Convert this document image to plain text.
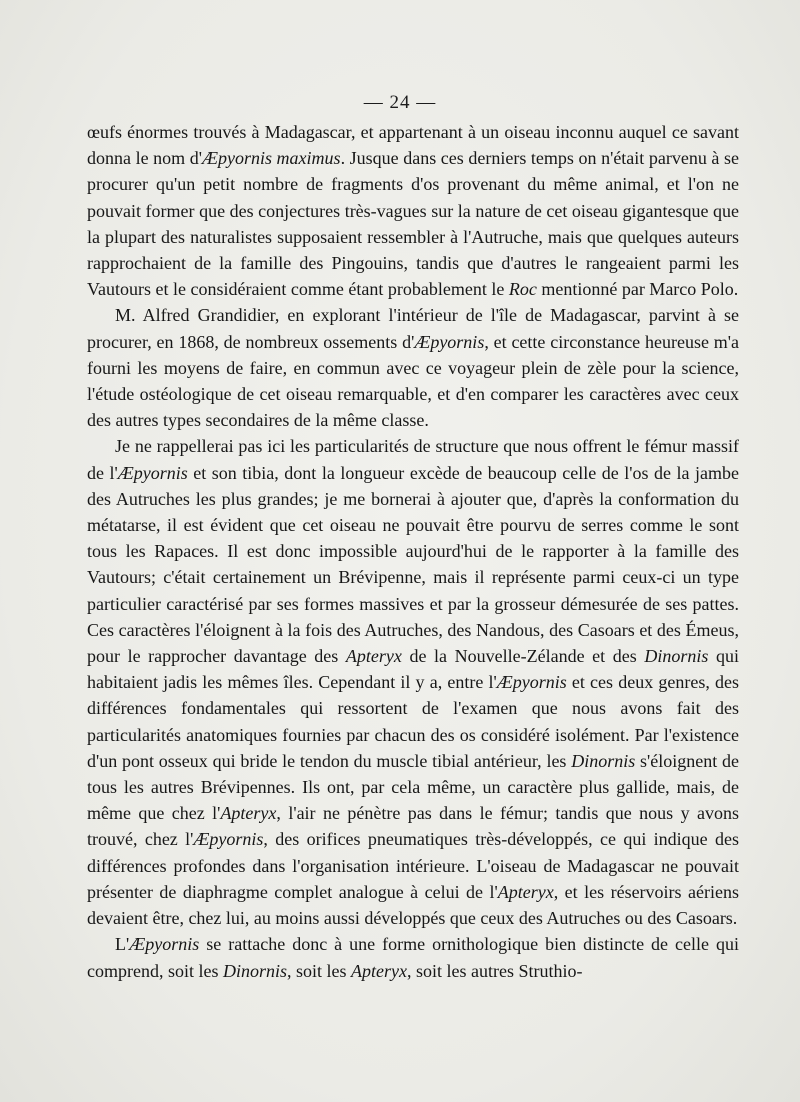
— 24 —

œufs énormes trouvés à Madagascar, et appartenant à un oiseau inconnu auquel ce savant donna le nom d'Æpyornis maximus. Jusque dans ces derniers temps on n'était parvenu à se procurer qu'un petit nombre de fragments d'os provenant du même animal, et l'on ne pouvait former que des conjectures très-vagues sur la nature de cet oiseau gigantesque que la plupart des naturalistes supposaient ressembler à l'Autruche, mais que quelques auteurs rapprochaient de la famille des Pingouins, tandis que d'autres le rangeaient parmi les Vautours et le considéraient comme étant probablement le Roc mentionné par Marco Polo.

M. Alfred Grandidier, en explorant l'intérieur de l'île de Madagascar, parvint à se procurer, en 1868, de nombreux ossements d'Æpyornis, et cette circonstance heureuse m'a fourni les moyens de faire, en commun avec ce voyageur plein de zèle pour la science, l'étude ostéologique de cet oiseau remarquable, et d'en comparer les caractères avec ceux des autres types secondaires de la même classe.

Je ne rappellerai pas ici les particularités de structure que nous offrent le fémur massif de l'Æpyornis et son tibia, dont la longueur excède de beaucoup celle de l'os de la jambe des Autruches les plus grandes; je me bornerai à ajouter que, d'après la conformation du métatarse, il est évident que cet oiseau ne pouvait être pourvu de serres comme le sont tous les Rapaces. Il est donc impossible aujourd'hui de le rapporter à la famille des Vautours; c'était certainement un Brévipenne, mais il représente parmi ceux-ci un type particulier caractérisé par ses formes massives et par la grosseur démesurée de ses pattes. Ces caractères l'éloignent à la fois des Autruches, des Nandous, des Casoars et des Émeus, pour le rapprocher davantage des Apteryx de la Nouvelle-Zélande et des Dinornis qui habitaient jadis les mêmes îles. Cependant il y a, entre l'Æpyornis et ces deux genres, des différences fondamentales qui ressortent de l'examen que nous avons fait des particularités anatomiques fournies par chacun des os considéré isolément. Par l'existence d'un pont osseux qui bride le tendon du muscle tibial antérieur, les Dinornis s'éloignent de tous les autres Brévipennes. Ils ont, par cela même, un caractère plus gallide, mais, de même que chez l'Apteryx, l'air ne pénètre pas dans le fémur; tandis que nous y avons trouvé, chez l'Æpyornis, des orifices pneumatiques très-développés, ce qui indique des différences profondes dans l'organisation intérieure. L'oiseau de Madagascar ne pouvait présenter de diaphragme complet analogue à celui de l'Apteryx, et les réservoirs aériens devaient être, chez lui, au moins aussi développés que ceux des Autruches ou des Casoars.

L'Æpyornis se rattache donc à une forme ornithologique bien distincte de celle qui comprend, soit les Dinornis, soit les Apteryx, soit les autres Struthio-
